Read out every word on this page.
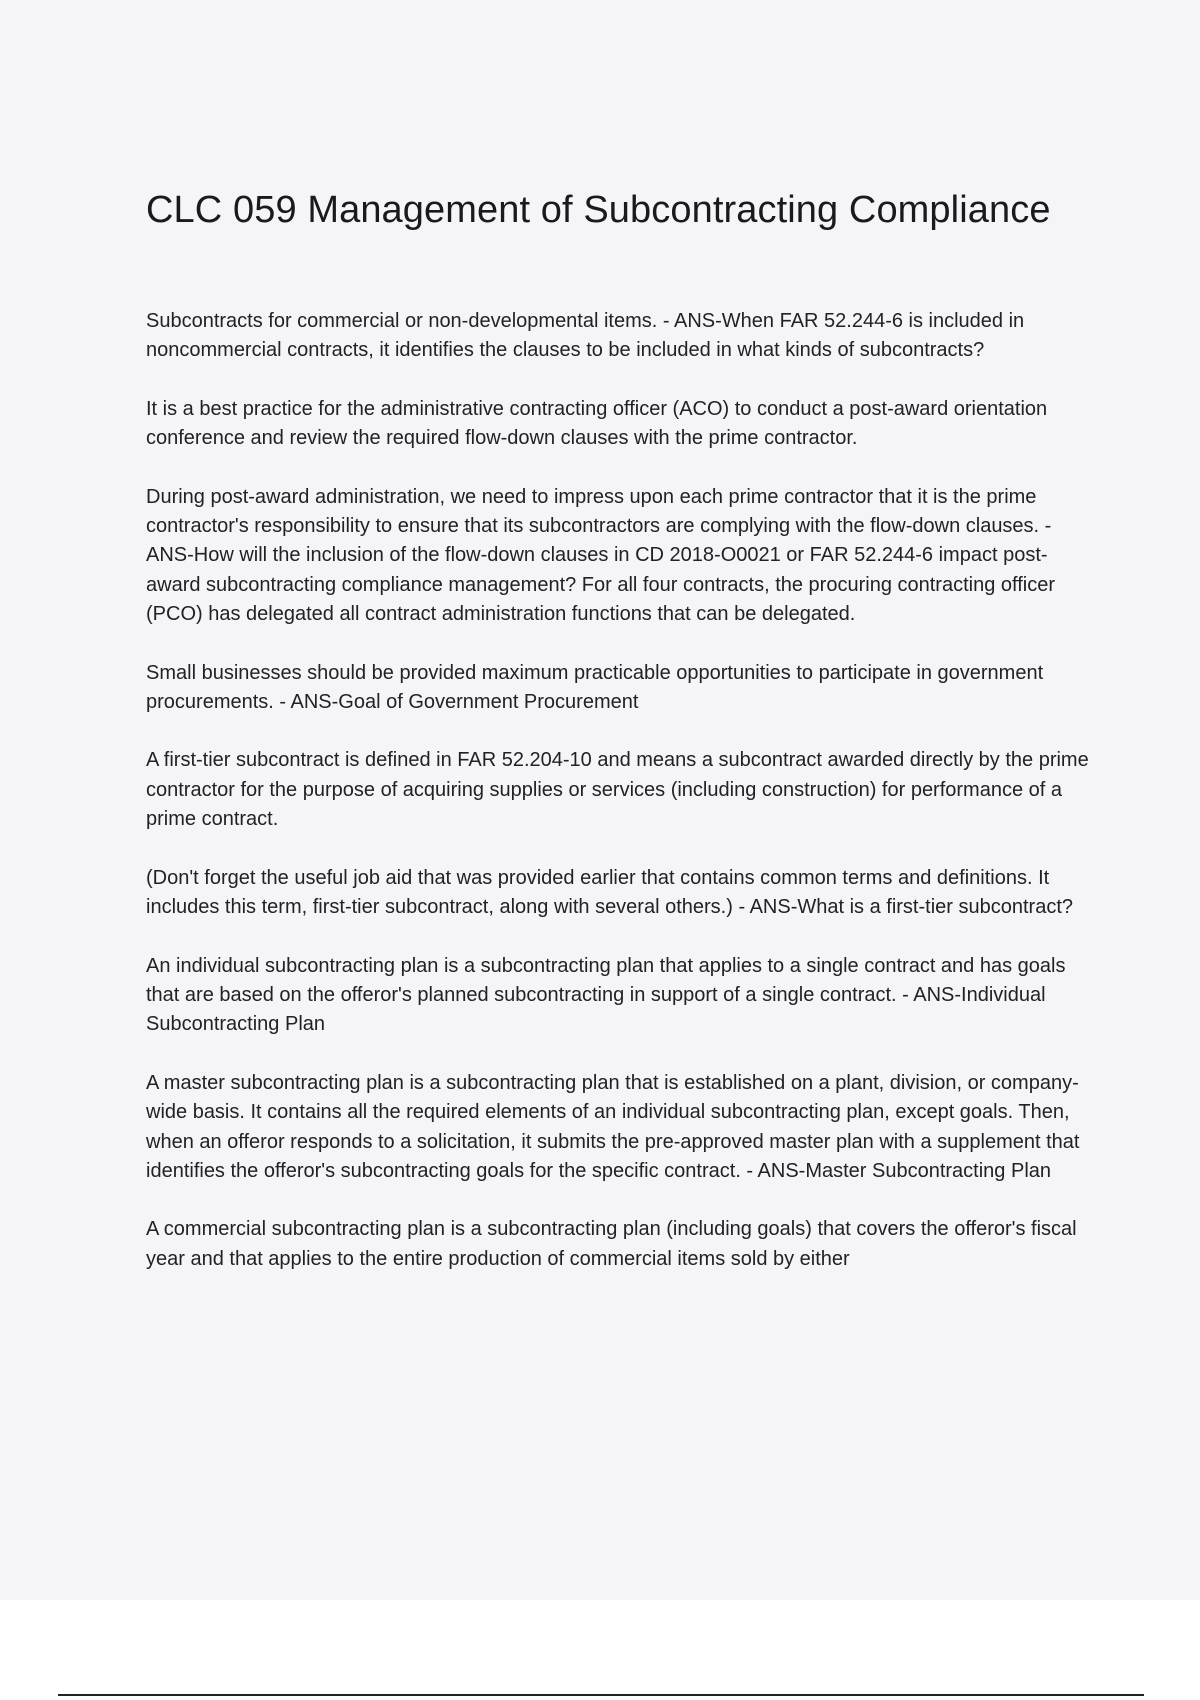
CLC 059 Management of Subcontracting Compliance

Subcontracts for commercial or non-developmental items. - ANS-When FAR 52.244-6 is included in noncommercial contracts, it identifies the clauses to be included in what kinds of subcontracts?

It is a best practice for the administrative contracting officer (ACO) to conduct a post-award orientation conference and review the required flow-down clauses with the prime contractor.

During post-award administration, we need to impress upon each prime contractor that it is the prime contractor's responsibility to ensure that its subcontractors are complying with the flow-down clauses. - ANS-How will the inclusion of the flow-down clauses in CD 2018-O0021 or FAR 52.244-6 impact post-award subcontracting compliance management? For all four contracts, the procuring contracting officer (PCO) has delegated all contract administration functions that can be delegated.

Small businesses should be provided maximum practicable opportunities to participate in government procurements. - ANS-Goal of Government Procurement

A first-tier subcontract is defined in FAR 52.204-10 and means a subcontract awarded directly by the prime contractor for the purpose of acquiring supplies or services (including construction) for performance of a prime contract.

(Don't forget the useful job aid that was provided earlier that contains common terms and definitions. It includes this term, first-tier subcontract, along with several others.) - ANS-What is a first-tier subcontract?

An individual subcontracting plan is a subcontracting plan that applies to a single contract and has goals that are based on the offeror's planned subcontracting in support of a single contract. - ANS-Individual Subcontracting Plan

A master subcontracting plan is a subcontracting plan that is established on a plant, division, or company-wide basis. It contains all the required elements of an individual subcontracting plan, except goals. Then, when an offeror responds to a solicitation, it submits the pre-approved master plan with a supplement that identifies the offeror's subcontracting goals for the specific contract. - ANS-Master Subcontracting Plan

A commercial subcontracting plan is a subcontracting plan (including goals) that covers the offeror's fiscal year and that applies to the entire production of commercial items sold by either
